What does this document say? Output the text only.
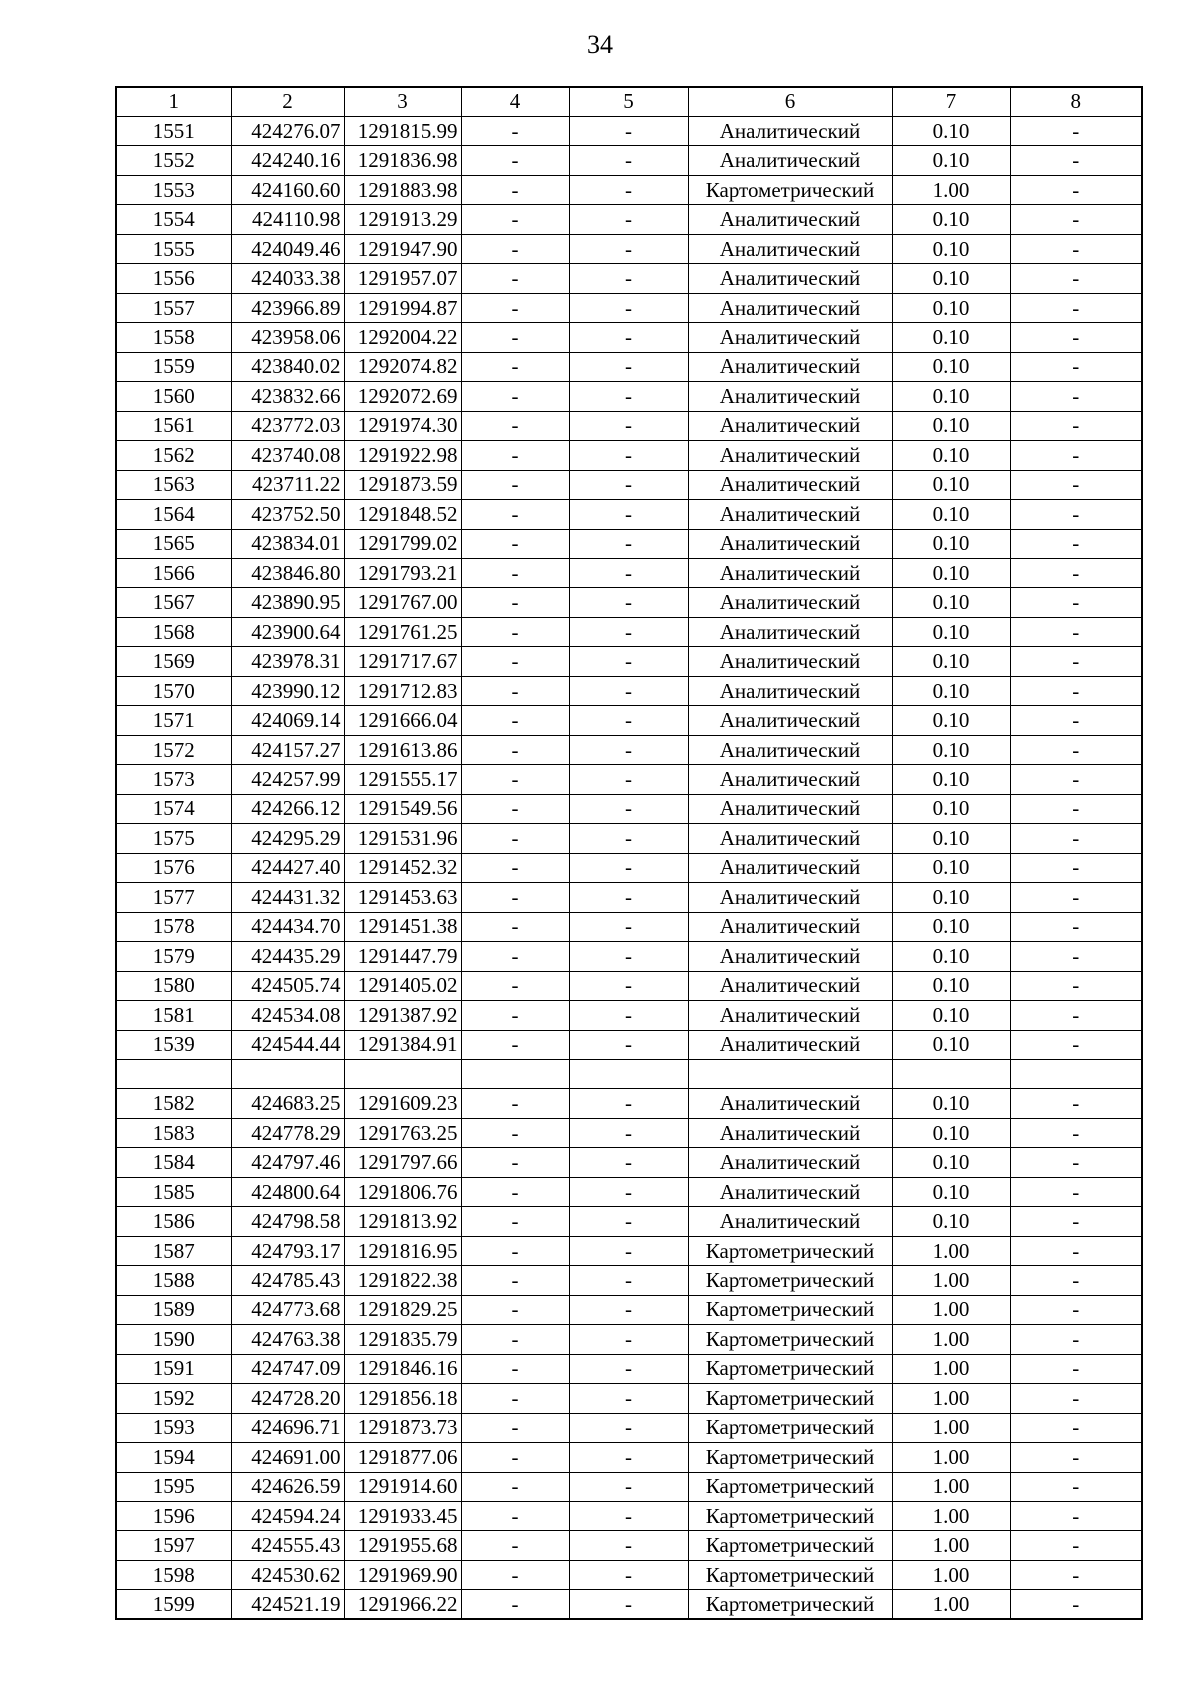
34
1	2	3	4	5	6	7	8
1551	424276.07	1291815.99	-	-	Аналитический	0.10	-
1552	424240.16	1291836.98	-	-	Аналитический	0.10	-
1553	424160.60	1291883.98	-	-	Картометрический	1.00	-
1554	424110.98	1291913.29	-	-	Аналитический	0.10	-
1555	424049.46	1291947.90	-	-	Аналитический	0.10	-
1556	424033.38	1291957.07	-	-	Аналитический	0.10	-
1557	423966.89	1291994.87	-	-	Аналитический	0.10	-
1558	423958.06	1292004.22	-	-	Аналитический	0.10	-
1559	423840.02	1292074.82	-	-	Аналитический	0.10	-
1560	423832.66	1292072.69	-	-	Аналитический	0.10	-
1561	423772.03	1291974.30	-	-	Аналитический	0.10	-
1562	423740.08	1291922.98	-	-	Аналитический	0.10	-
1563	423711.22	1291873.59	-	-	Аналитический	0.10	-
1564	423752.50	1291848.52	-	-	Аналитический	0.10	-
1565	423834.01	1291799.02	-	-	Аналитический	0.10	-
1566	423846.80	1291793.21	-	-	Аналитический	0.10	-
1567	423890.95	1291767.00	-	-	Аналитический	0.10	-
1568	423900.64	1291761.25	-	-	Аналитический	0.10	-
1569	423978.31	1291717.67	-	-	Аналитический	0.10	-
1570	423990.12	1291712.83	-	-	Аналитический	0.10	-
1571	424069.14	1291666.04	-	-	Аналитический	0.10	-
1572	424157.27	1291613.86	-	-	Аналитический	0.10	-
1573	424257.99	1291555.17	-	-	Аналитический	0.10	-
1574	424266.12	1291549.56	-	-	Аналитический	0.10	-
1575	424295.29	1291531.96	-	-	Аналитический	0.10	-
1576	424427.40	1291452.32	-	-	Аналитический	0.10	-
1577	424431.32	1291453.63	-	-	Аналитический	0.10	-
1578	424434.70	1291451.38	-	-	Аналитический	0.10	-
1579	424435.29	1291447.79	-	-	Аналитический	0.10	-
1580	424505.74	1291405.02	-	-	Аналитический	0.10	-
1581	424534.08	1291387.92	-	-	Аналитический	0.10	-
1539	424544.44	1291384.91	-	-	Аналитический	0.10	-

1582	424683.25	1291609.23	-	-	Аналитический	0.10	-
1583	424778.29	1291763.25	-	-	Аналитический	0.10	-
1584	424797.46	1291797.66	-	-	Аналитический	0.10	-
1585	424800.64	1291806.76	-	-	Аналитический	0.10	-
1586	424798.58	1291813.92	-	-	Аналитический	0.10	-
1587	424793.17	1291816.95	-	-	Картометрический	1.00	-
1588	424785.43	1291822.38	-	-	Картометрический	1.00	-
1589	424773.68	1291829.25	-	-	Картометрический	1.00	-
1590	424763.38	1291835.79	-	-	Картометрический	1.00	-
1591	424747.09	1291846.16	-	-	Картометрический	1.00	-
1592	424728.20	1291856.18	-	-	Картометрический	1.00	-
1593	424696.71	1291873.73	-	-	Картометрический	1.00	-
1594	424691.00	1291877.06	-	-	Картометрический	1.00	-
1595	424626.59	1291914.60	-	-	Картометрический	1.00	-
1596	424594.24	1291933.45	-	-	Картометрический	1.00	-
1597	424555.43	1291955.68	-	-	Картометрический	1.00	-
1598	424530.62	1291969.90	-	-	Картометрический	1.00	-
1599	424521.19	1291966.22	-	-	Картометрический	1.00	-
